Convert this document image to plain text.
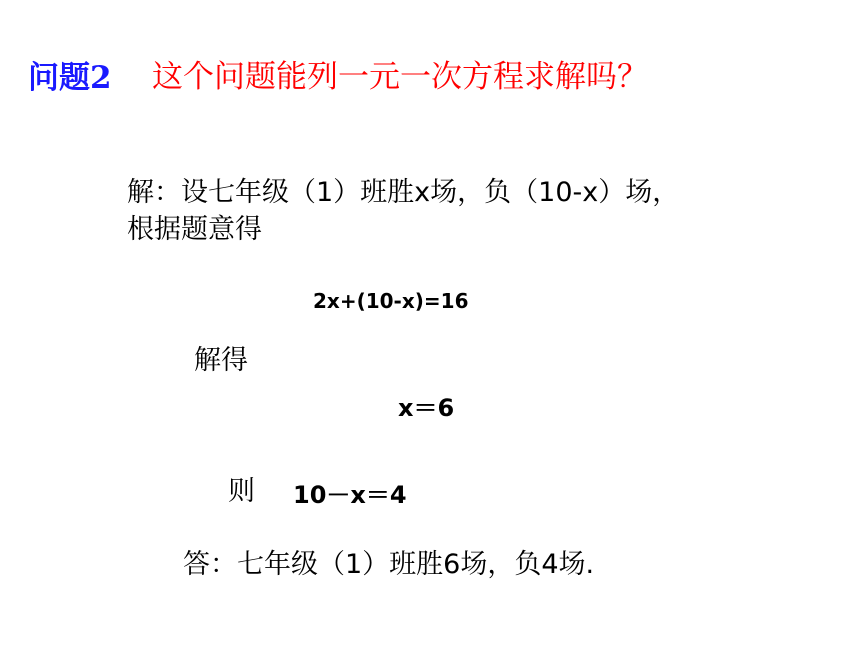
问题2 这个问题能列一元一次方程求解吗？
解：设七年级（1）班胜x场，负（10-x）场，
根据题意得
2x+(10-x)=16
解得
x＝6
则 10－x＝4
答：七年级（1）班胜6场，负4场.
